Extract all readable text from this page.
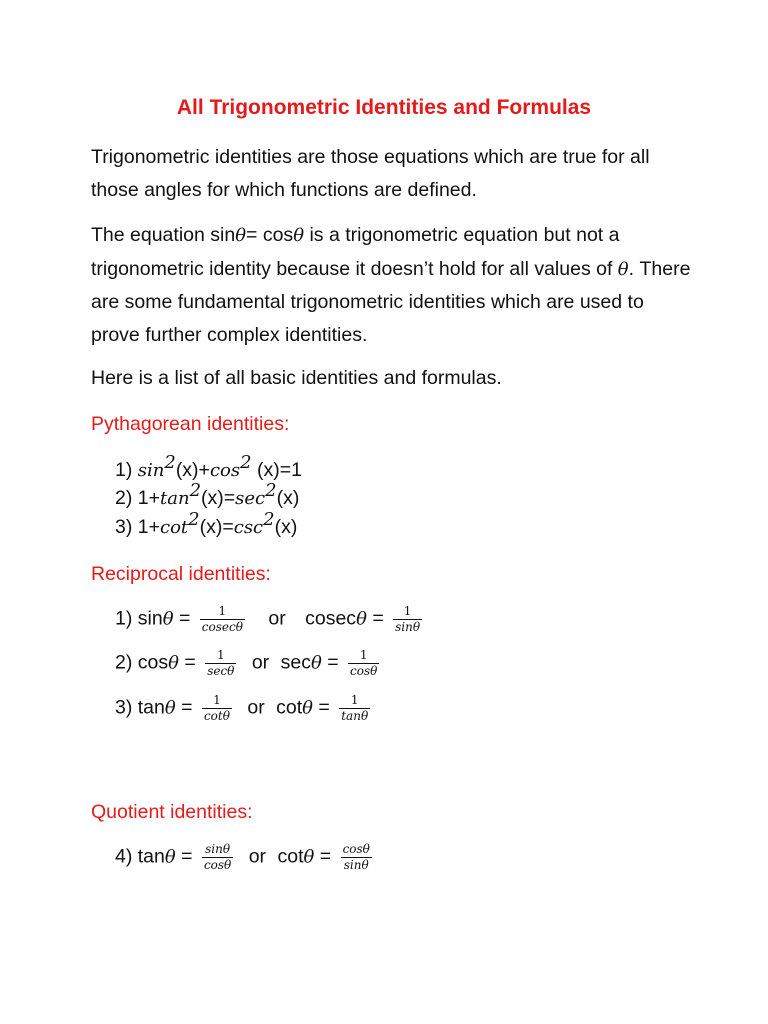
All Trigonometric Identities and Formulas

Trigonometric identities are those equations which are true for all those angles for which functions are defined.

The equation sinθ= cosθ is a trigonometric equation but not a trigonometric identity because it doesn’t hold for all values of θ. There are some fundamental trigonometric identities which are used to prove further complex identities.

Here is a list of all basic identities and formulas.

Pythagorean identities:
1) $\sin^2(x)+\cos^2$ (x)=1
2) $1+\tan^2(x)=\sec^2(x)$
3) $1+\cot^2(x)=\csc^2(x)$
Reciprocal identities:
1) $\sin\theta = \frac{1}{cosec\theta}$ or $cosec\theta = \frac{1}{\sin\theta}$
2) $\cos\theta = \frac{1}{\sec\theta}$ or $\sec\theta = \frac{1}{\cos\theta}$
3) $\tan\theta = \frac{1}{\cot\theta}$ or $\cot\theta = \frac{1}{\tan\theta}$
Quotient identities:
4) $\tan\theta = \frac{\sin\theta}{\cos\theta}$ or $\cot\theta = \frac{\cos\theta}{\sin\theta}$
